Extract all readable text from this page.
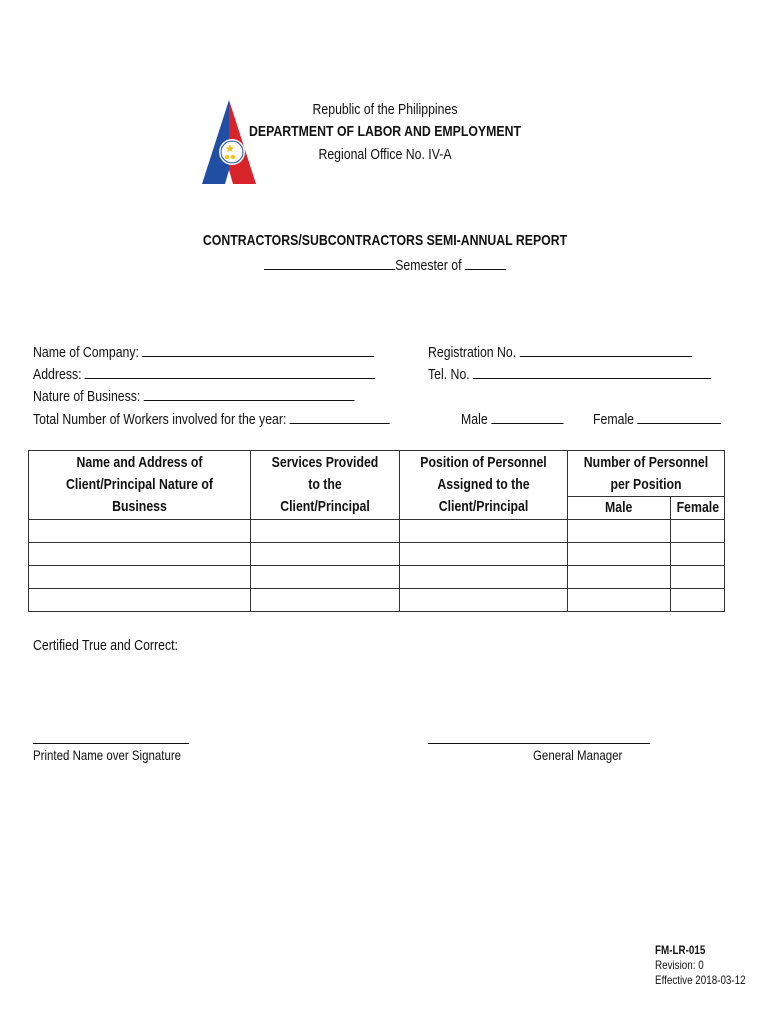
Republic of the Philippines
DEPARTMENT OF LABOR AND EMPLOYMENT
Regional Office No. IV-A
CONTRACTORS/SUBCONTRACTORS SEMI-ANNUAL REPORT
Semester of
Name of Company:
Address:
Nature of Business:
Total Number of Workers involved for the year:
Registration No.
Tel. No.
Male	Female
Name and Address of Client/Principal Nature of Business	Services Provided to the Client/Principal	Position of Personnel Assigned to the Client/Principal	Number of Personnel per Position	
			Male	Female

Certified True and Correct:
Printed Name over Signature	General Manager
FM-LR-015
Revision: 0
Effective 2018-03-12
